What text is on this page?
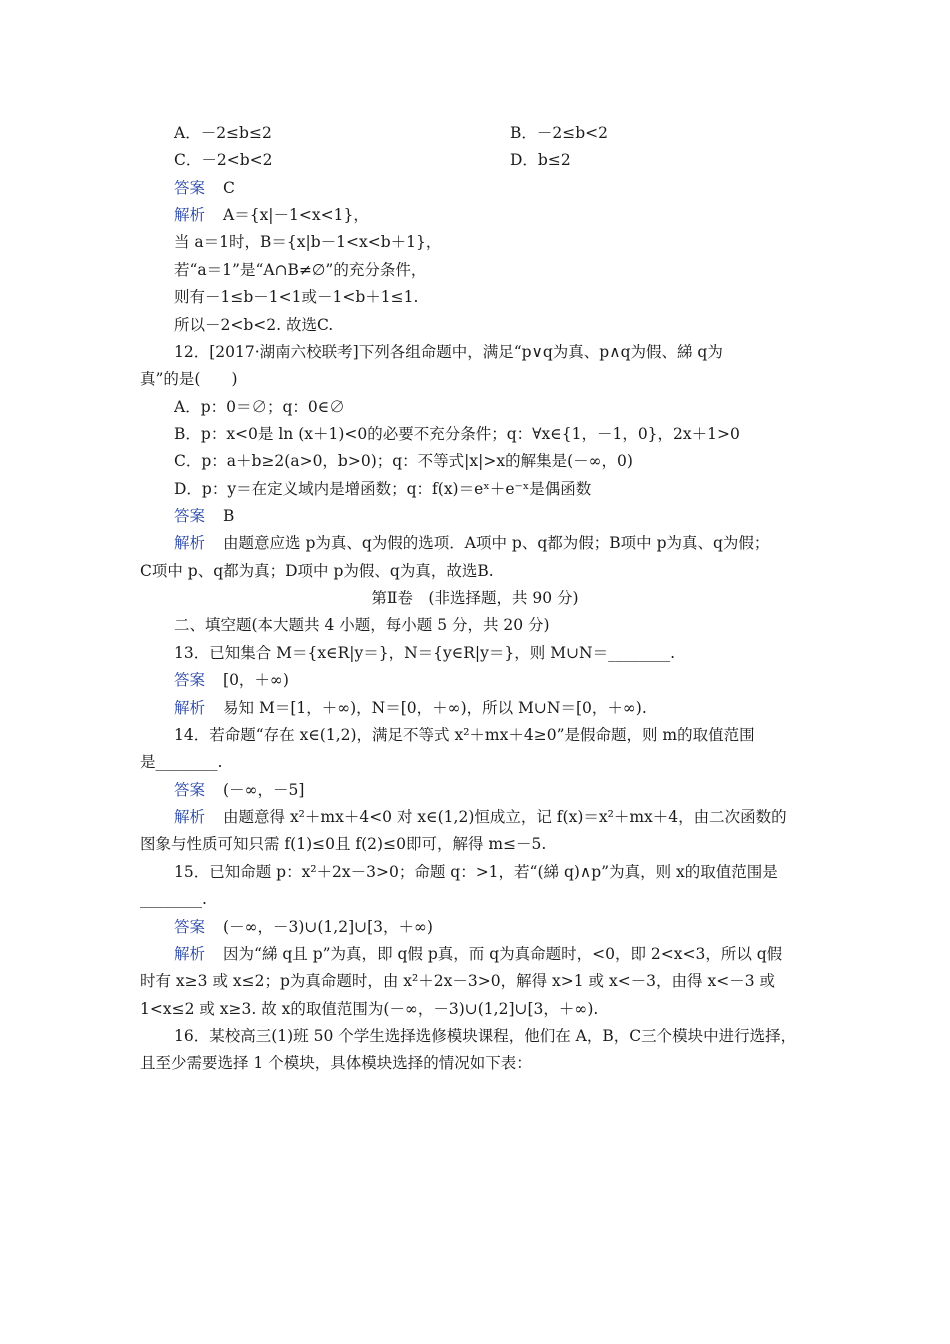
A．－2≤b≤2	B．－2≤b<2
C．－2<b<2	D．b≤2
答案 C
解析 A＝{x|－1<x<1}，
当 a＝1时，B＝{x|b－1<x<b＋1}，
若“a＝1”是“A∩B≠∅”的充分条件，
则有－1≤b－1<1或－1<b＋1≤1.
所以－2<b<2. 故选C.
12．[2017·湖南六校联考]下列各组命题中，满足“p∨q为真、p∧q为假、綈 q为
真”的是(　　)
A．p：0＝∅；q：0∈∅
B．p：x<0是 ln (x＋1)<0的必要不充分条件；q：∀x∈{1，－1，0}，2x＋1>0
C．p：a＋b≥2(a>0，b>0)；q：不等式|x|>x的解集是(－∞，0)
D．p：y＝在定义域内是增函数；q：f(x)＝eˣ＋e⁻ˣ是偶函数
答案 B
解析 由题意应选 p为真、q为假的选项．A项中 p、q都为假；B项中 p为真、q为假；
C项中 p、q都为真；D项中 p为假、q为真，故选B.
第Ⅱ卷　(非选择题，共 90 分)
二、填空题(本大题共 4 小题，每小题 5 分，共 20 分)
13．已知集合 M＝{x∈R|y＝}，N＝{y∈R|y＝}，则 M∪N＝________.
答案 [0，＋∞)
解析 易知 M＝[1，＋∞)，N＝[0，＋∞)，所以 M∪N＝[0，＋∞).
14．若命题“存在 x∈(1,2)，满足不等式 x²＋mx＋4≥0”是假命题，则 m的取值范围
是________.
答案 (－∞，－5]
解析 由题意得 x²＋mx＋4<0 对 x∈(1,2)恒成立，记 f(x)＝x²＋mx＋4，由二次函数的
图象与性质可知只需 f(1)≤0且 f(2)≤0即可，解得 m≤－5.
15．已知命题 p：x²＋2x－3>0；命题 q：>1，若“(綈 q)∧p”为真，则 x的取值范围是
________.
答案 (－∞，－3)∪(1,2]∪[3，＋∞)
解析 因为“綈 q且 p”为真，即 q假 p真，而 q为真命题时，<0，即 2<x<3，所以 q假
时有 x≥3 或 x≤2；p为真命题时，由 x²＋2x－3>0，解得 x>1 或 x<－3，由得 x<－3 或
1<x≤2 或 x≥3. 故 x的取值范围为(－∞，－3)∪(1,2]∪[3，＋∞).
16．某校高三(1)班 50 个学生选择选修模块课程，他们在 A，B，C三个模块中进行选择，
且至少需要选择 1 个模块，具体模块选择的情况如下表：
